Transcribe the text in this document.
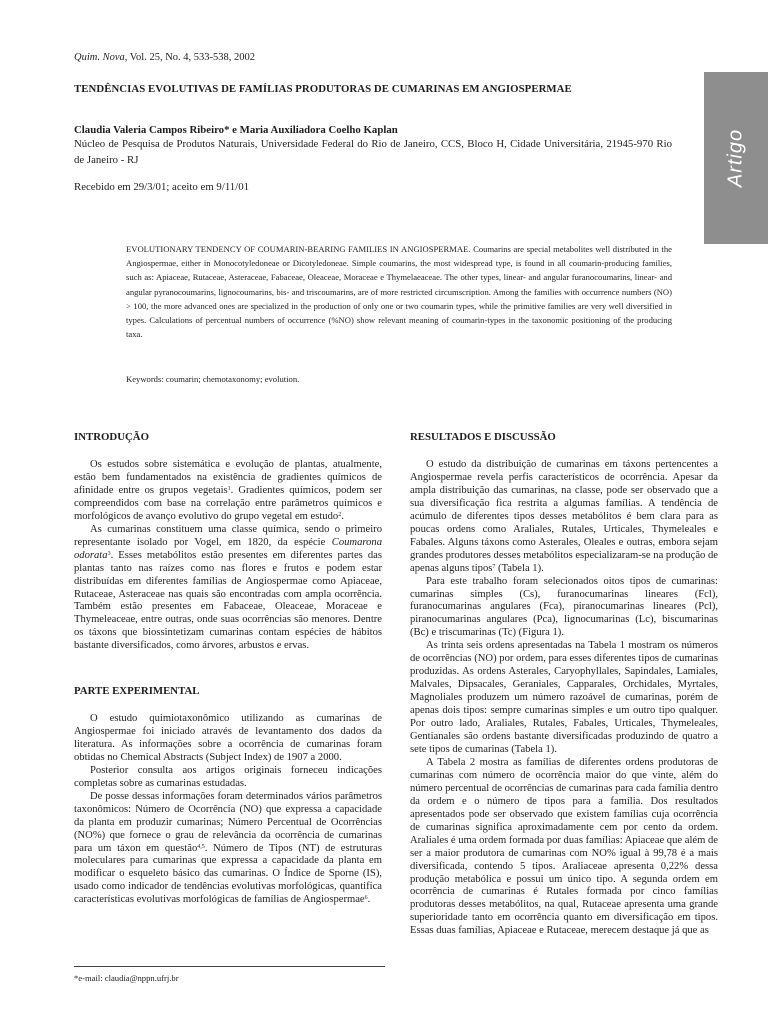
Quim. Nova, Vol. 25, No. 4, 533-538, 2002
TENDÊNCIAS EVOLUTIVAS DE FAMÍLIAS PRODUTORAS DE CUMARINAS EM ANGIOSPERMAE
Claudia Valeria Campos Ribeiro* e Maria Auxiliadora Coelho Kaplan
Núcleo de Pesquisa de Produtos Naturais, Universidade Federal do Rio de Janeiro, CCS, Bloco H, Cidade Universitária, 21945-970 Rio de Janeiro - RJ
Recebido em 29/3/01; aceito em 9/11/01	Artigo
EVOLUTIONARY TENDENCY OF COUMARIN-BEARING FAMILIES IN ANGIOSPERMAE. Coumarins are special metabolites well distributed in the Angiospermae, either in Monocotyledoneae or Dicotyledoneae. Simple coumarins, the most widespread type, is found in all coumarin-producing families, such as: Apiaceae, Rutaceae, Asteraceae, Fabaceae, Oleaceae, Moraceae e Thymelaeaceae. The other types, linear- and angular furanocoumarins, linear- and angular pyranocoumarins, lignocoumarins, bis- and triscoumarins, are of more restricted circumscription. Among the families with occurrence numbers (NO) > 100, the more advanced ones are specialized in the production of only one or two coumarin types, while the primitive families are very well diversified in types. Calculations of percentual numbers of occurrence (%NO) show relevant meaning of coumarin-types in the taxonomic positioning of the producing taxa.
Keywords: coumarin; chemotaxonomy; evolution.
INTRODUÇÃO

Os estudos sobre sistemática e evolução de plantas, atualmente, estão bem fundamentados na existência de gradientes químicos de afinidade entre os grupos vegetais$^1$. Gradientes químicos, podem ser compreendidos com base na correlação entre parâmetros químicos e morfológicos de avanço evolutivo do grupo vegetal em estudo$^2$.

As cumarinas constituem uma classe química, sendo o primeiro representante isolado por Vogel, em 1820, da espécie Coumarona odorata$^3$. Esses metabólitos estão presentes em diferentes partes das plantas tanto nas raízes como nas flores e frutos e podem estar distribuídas em diferentes famílias de Angiospermae como Apiaceae, Rutaceae, Asteraceae nas quais são encontradas com ampla ocorrência. Também estão presentes em Fabaceae, Oleaceae, Moraceae e Thymeleaceae, entre outras, onde suas ocorrências são menores. Dentre os táxons que biossintetizam cumarinas contam espécies de hábitos bastante diversificados, como árvores, arbustos e ervas.

PARTE EXPERIMENTAL

O estudo quimiotaxonômico utilizando as cumarinas de Angiospermae foi iniciado através de levantamento dos dados da literatura. As informações sobre a ocorrência de cumarinas foram obtidas no Chemical Abstracts (Subject Index) de 1907 a 2000.

Posterior consulta aos artigos originais forneceu indicações completas sobre as cumarinas estudadas.

De posse dessas informações foram determinados vários parâmetros taxonômicos: Número de Ocorrência (NO) que expressa a capacidade da planta em produzir cumarinas; Número Percentual de Ocorrências (NO%) que fornece o grau de relevância da ocorrência de cumarinas para um táxon em questão$^{4,5}$. Número de Tipos (NT) de estruturas moleculares para cumarinas que expressa a capacidade da planta em modificar o esqueleto básico das cumarinas. O Índice de Sporne (IS), usado como indicador de tendências evolutivas morfológicas, quantifica características evolutivas morfológicas de famílias de Angiospermae$^6$.

*e-mail: claudia@nppn.ufrj.br
RESULTADOS E DISCUSSÃO

O estudo da distribuição de cumarinas em táxons pertencentes a Angiospermae revela perfis característicos de ocorrência. Apesar da ampla distribuição das cumarinas, na classe, pode ser observado que a sua diversificação fica restrita a algumas famílias. A tendência de acúmulo de diferentes tipos desses metabólitos é bem clara para as poucas ordens como Araliales, Rutales, Urticales, Thymeleales e Fabales. Alguns táxons como Asterales, Oleales e outras, embora sejam grandes produtores desses metabólitos especializaram-se na produção de apenas alguns tipos$^7$ (Tabela 1).

Para este trabalho foram selecionados oitos tipos de cumarinas: cumarinas simples (Cs), furanocumarinas lineares (Fcl), furanocumarinas angulares (Fca), piranocumarinas lineares (Pcl), piranocumarinas angulares (Pca), lignocumarinas (Lc), biscumarinas (Bc) e triscumarinas (Tc) (Figura 1).

As trinta seis ordens apresentadas na Tabela 1 mostram os números de ocorrências (NO) por ordem, para esses diferentes tipos de cumarinas produzidas. As ordens Asterales, Caryophyllales, Sapindales, Lamiales, Malvales, Dipsacales, Geraniales, Capparales, Orchidales, Myrtales, Magnoliales produzem um número razoável de cumarinas, porém de apenas dois tipos: sempre cumarinas simples e um outro tipo qualquer. Por outro lado, Araliales, Rutales, Fabales, Urticales, Thymeleales, Gentianales são ordens bastante diversificadas produzindo de quatro a sete tipos de cumarinas (Tabela 1).

A Tabela 2 mostra as famílias de diferentes ordens produtoras de cumarinas com número de ocorrência maior do que vinte, além do número percentual de ocorrências de cumarinas para cada família dentro da ordem e o número de tipos para a família. Dos resultados apresentados pode ser observado que existem famílias cuja ocorrência de cumarinas significa aproximadamente cem por cento da ordem. Araliales é uma ordem formada por duas famílias: Apiaceae que além de ser a maior produtora de cumarinas com NO% igual à 99,78 é a mais diversificada, contendo 5 tipos. Araliaceae apresenta 0,22% dessa produção metabólica e possui um único tipo. A segunda ordem em ocorrência de cumarinas é Rutales formada por cinco famílias produtoras desses metabólitos, na qual, Rutaceae apresenta uma grande superioridade tanto em ocorrência quanto em diversificação em tipos. Essas duas famílias, Apiaceae e Rutaceae, merecem destaque já que as
